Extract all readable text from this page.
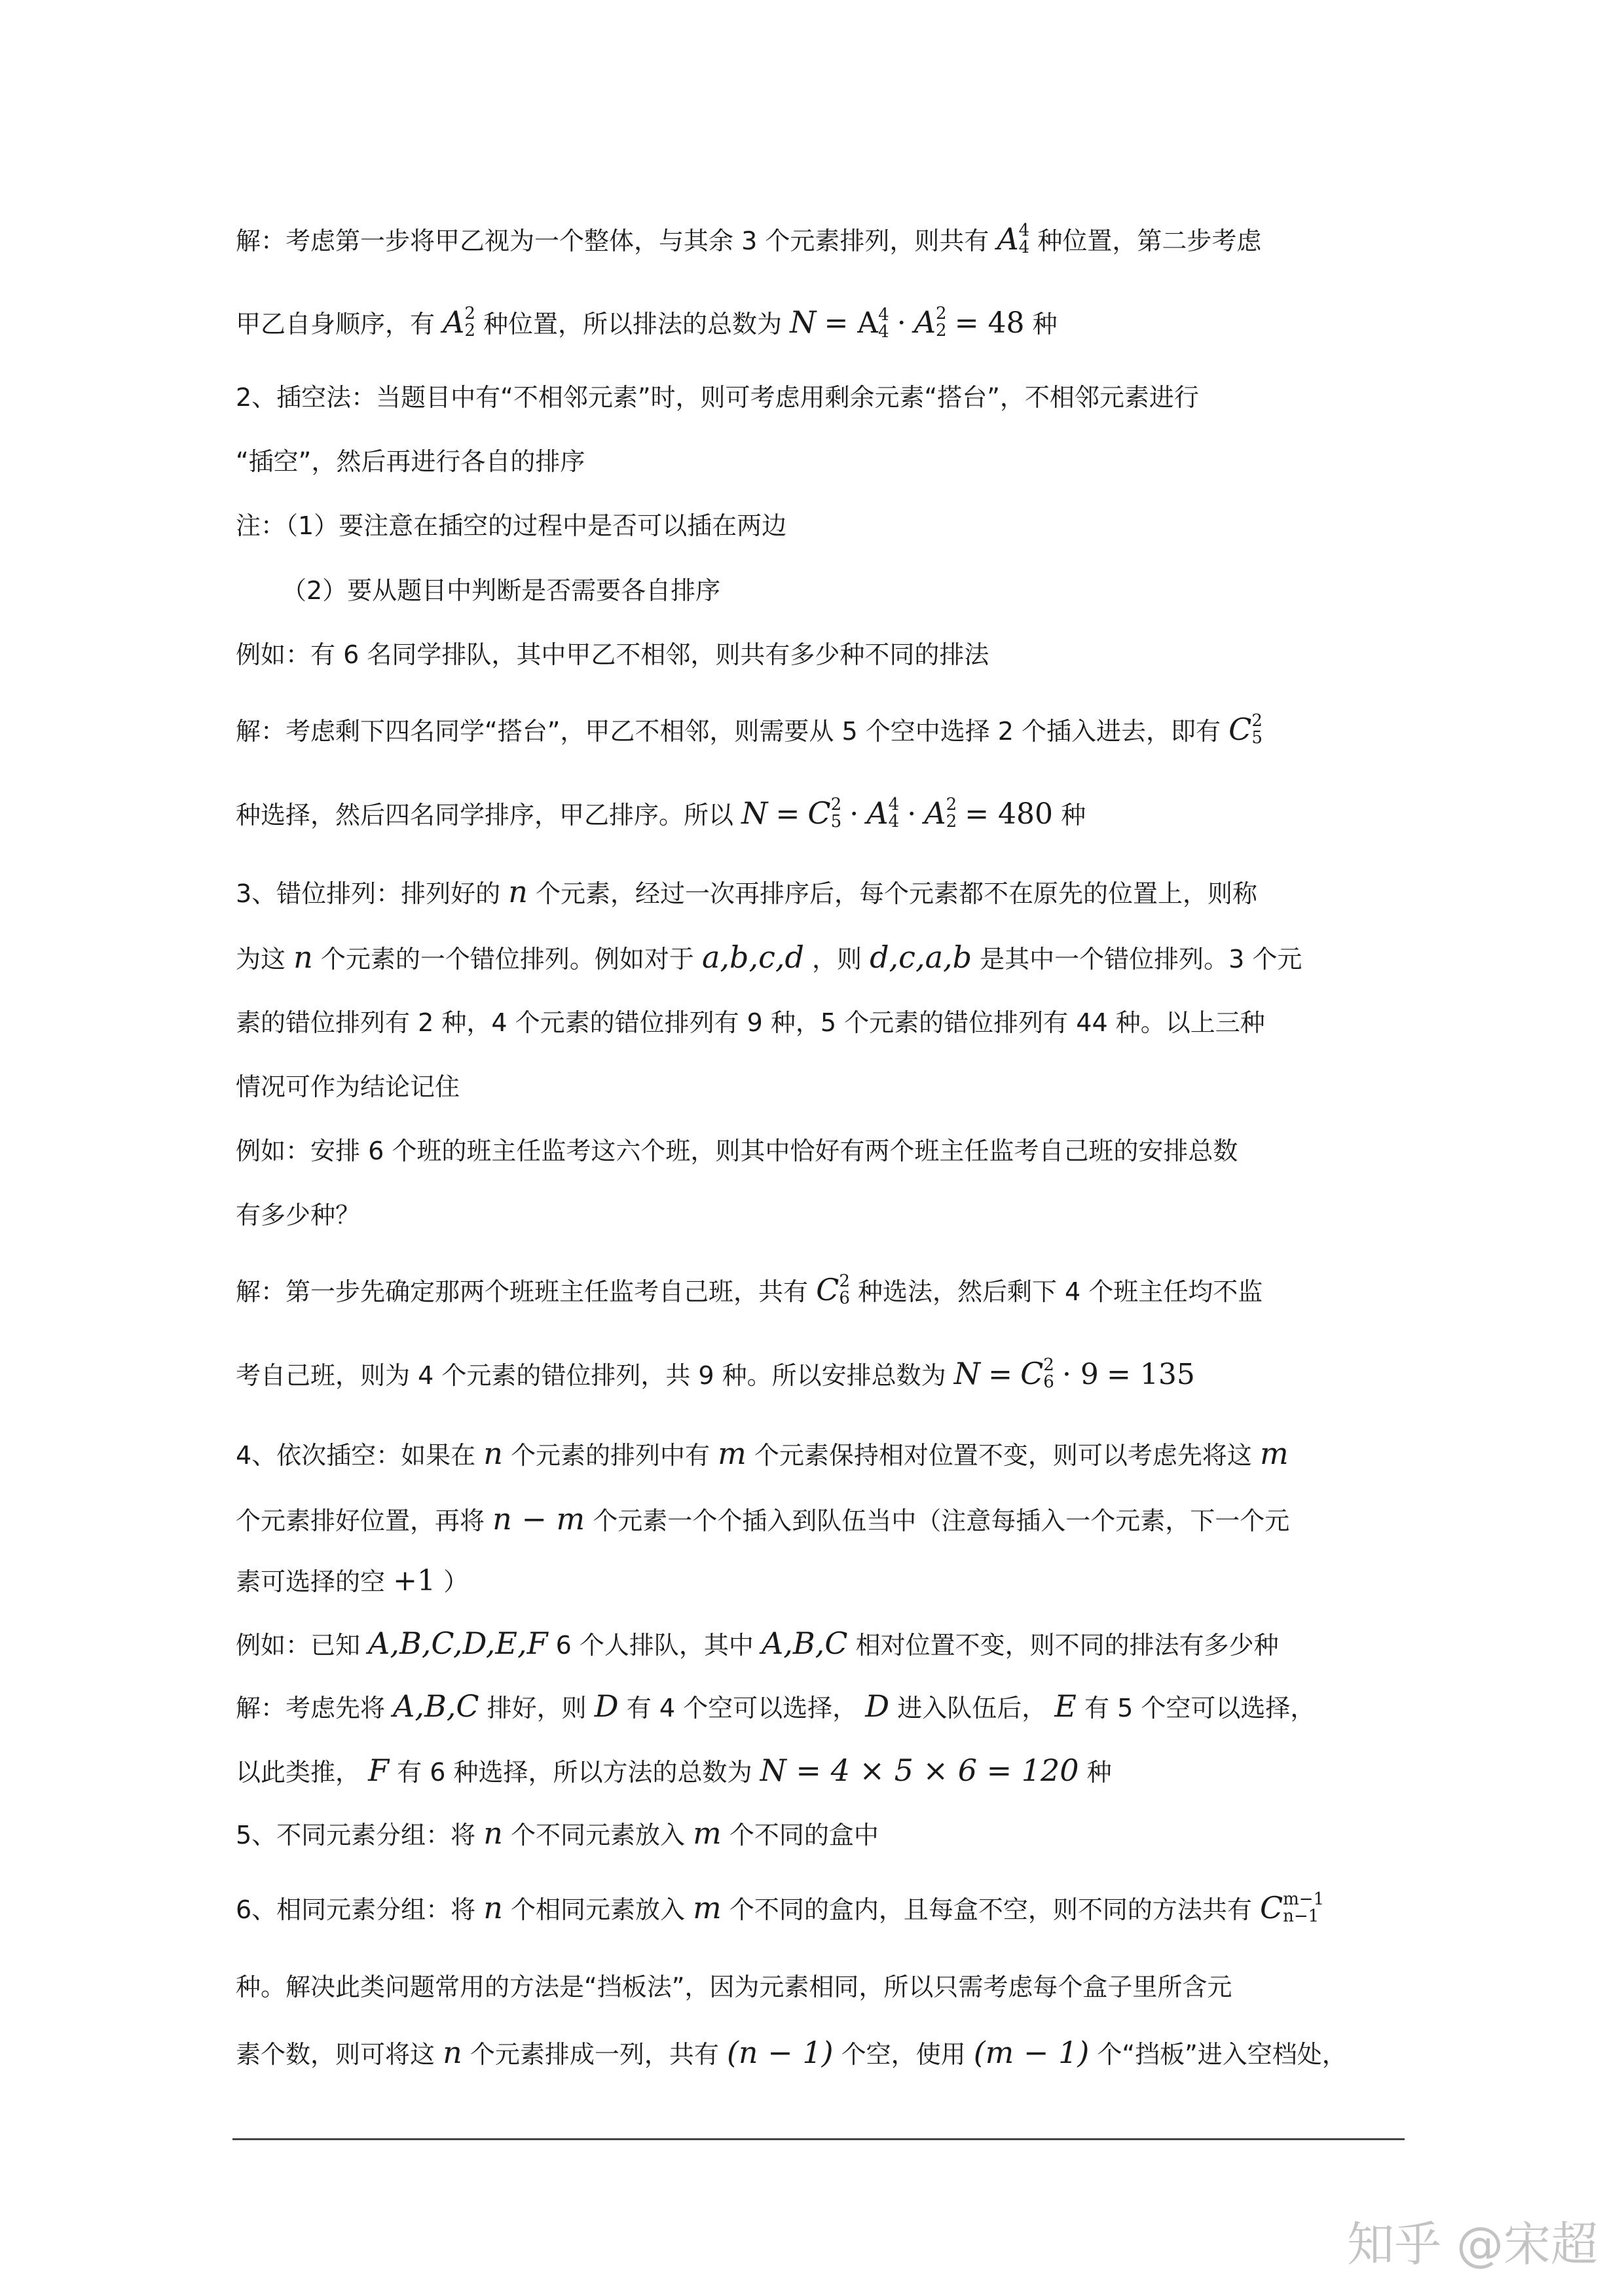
解：考虑第一步将甲乙视为一个整体，与其余 3 个元素排列，则共有 A 4
4 种位置，第二步考虑
甲乙自身顺序，有 A 2
2 种位置，所以排法的总数为 N = A 4
4 · A 2
2 = 48 种
2、插空法：当题目中有“不相邻元素”时，则可考虑用剩余元素“搭台”，不相邻元素进行
“插空”，然后再进行各自的排序
注：（1）要注意在插空的过程中是否可以插在两边
（2）要从题目中判断是否需要各自排序
例如：有 6 名同学排队，其中甲乙不相邻，则共有多少种不同的排法
解：考虑剩下四名同学“搭台”，甲乙不相邻，则需要从 5 个空中选择 2 个插入进去，即有 C 2
5
种选择，然后四名同学排序，甲乙排序。所以 N = C 2
5 · A 4
4 · A 2
2 = 480 种
3、错位排列：排列好的 n 个元素，经过一次再排序后，每个元素都不在原先的位置上，则称
为这 n 个元素的一个错位排列。例如对于 a,b,c,d ，则 d,c,a,b 是其中一个错位排列。3 个元
素的错位排列有 2 种，4 个元素的错位排列有 9 种，5 个元素的错位排列有 44 种。以上三种
情况可作为结论记住
例如：安排 6 个班的班主任监考这六个班，则其中恰好有两个班主任监考自己班的安排总数
有多少种？
解：第一步先确定那两个班班主任监考自己班，共有 C 2
6 种选法，然后剩下 4 个班主任均不监
考自己班，则为 4 个元素的错位排列，共 9 种。所以安排总数为 N = C 2
6 · 9 = 135
4、依次插空：如果在 n 个元素的排列中有 m 个元素保持相对位置不变，则可以考虑先将这 m
个元素排好位置，再将 n − m 个元素一个个插入到队伍当中（注意每插入一个元素，下一个元
素可选择的空 +1 ）
例如：已知 A,B,C,D,E,F 6 个人排队，其中 A,B,C 相对位置不变，则不同的排法有多少种
解：考虑先将 A,B,C 排好，则 D 有 4 个空可以选择， D 进入队伍后， E 有 5 个空可以选择，
以此类推， F 有 6 种选择，所以方法的总数为 N = 4 × 5 × 6 = 120 种
5、不同元素分组：将 n 个不同元素放入 m 个不同的盒中
6、相同元素分组：将 n 个相同元素放入 m 个不同的盒内，且每盒不空，则不同的方法共有 C m−1
n−1
种。解决此类问题常用的方法是“挡板法”，因为元素相同，所以只需考虑每个盒子里所含元
素个数，则可将这 n 个元素排成一列，共有 (n − 1) 个空，使用 (m − 1) 个“挡板”进入空档处，
知乎 @宋超
